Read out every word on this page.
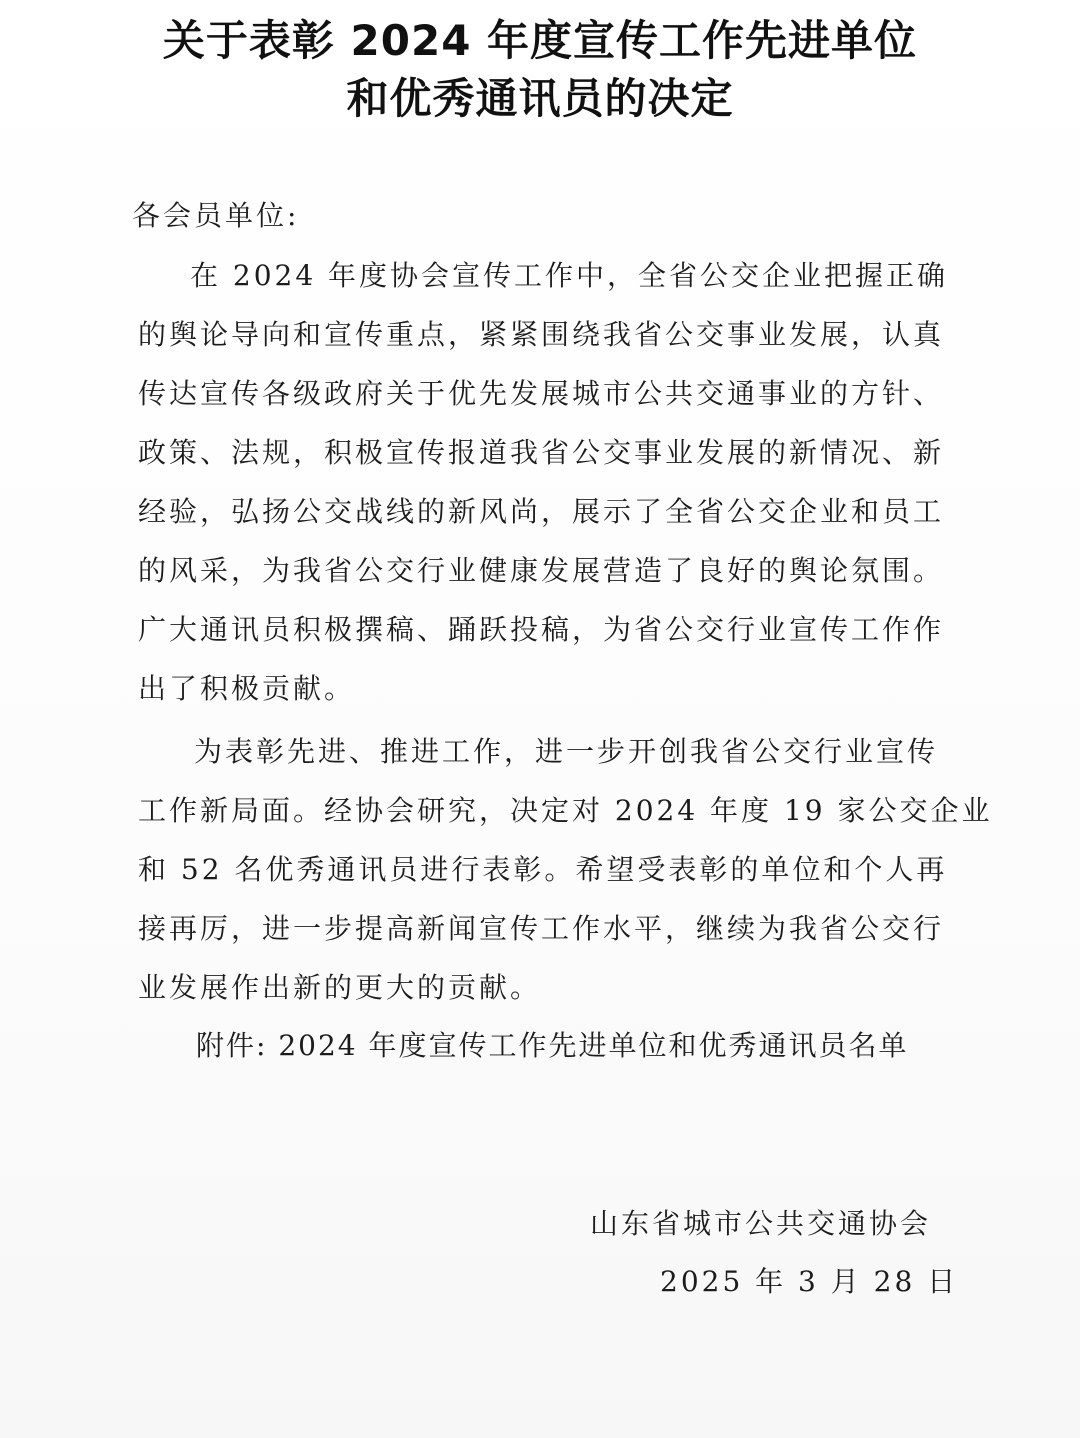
关于表彰 2024 年度宣传工作先进单位
和优秀通讯员的决定

各会员单位:

在 2024 年度协会宣传工作中，全省公交企业把握正确

的舆论导向和宣传重点，紧紧围绕我省公交事业发展，认真

传达宣传各级政府关于优先发展城市公共交通事业的方针、

政策、法规，积极宣传报道我省公交事业发展的新情况、新

经验，弘扬公交战线的新风尚，展示了全省公交企业和员工

的风采，为我省公交行业健康发展营造了良好的舆论氛围。

广大通讯员积极撰稿、踊跃投稿，为省公交行业宣传工作作

出了积极贡献。

为表彰先进、推进工作，进一步开创我省公交行业宣传

工作新局面。经协会研究，决定对 2024 年度 19 家公交企业

和 52 名优秀通讯员进行表彰。希望受表彰的单位和个人再

接再厉，进一步提高新闻宣传工作水平，继续为我省公交行

业发展作出新的更大的贡献。

附件: 2024 年度宣传工作先进单位和优秀通讯员名单

山东省城市公共交通协会
2025 年 3 月 28 日
